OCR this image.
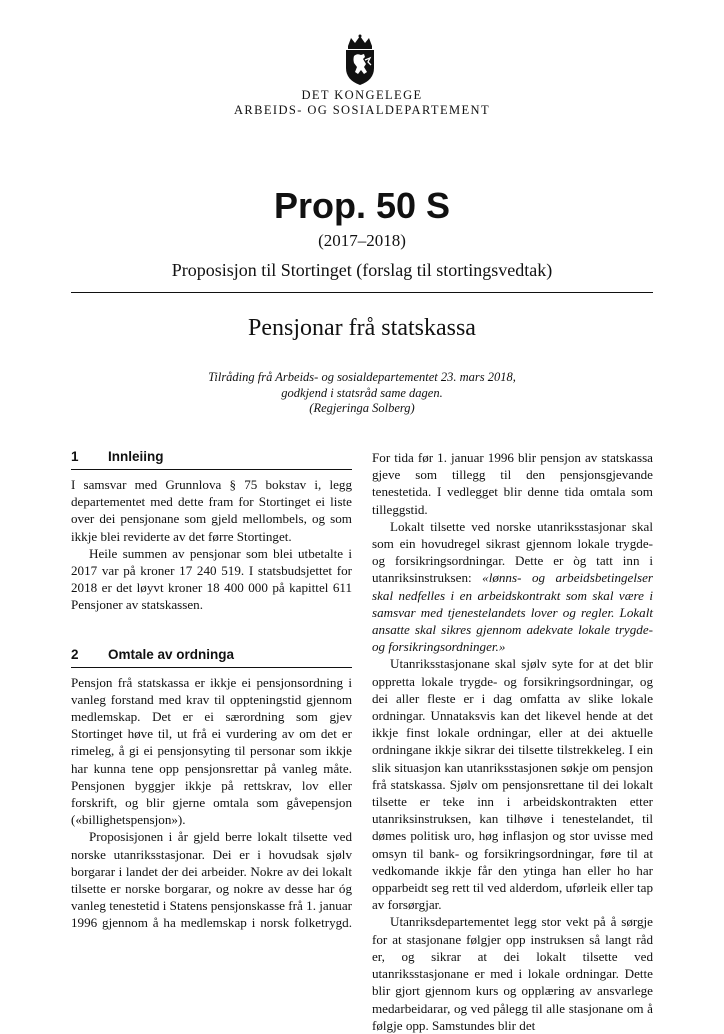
DET KONGELEGE
ARBEIDS- OG SOSIALDEPARTEMENT
Prop. 50 S
(2017–2018)
Proposisjon til Stortinget (forslag til stortingsvedtak)
Pensjonar frå statskassa
Tilråding frå Arbeids- og sosialdepartementet 23. mars 2018,
godkjend i statsråd same dagen.
(Regjeringa Solberg)
1 Innleiing

I samsvar med Grunnlova § 75 bokstav i, legg departementet med dette fram for Stortinget ei liste over dei pensjonane som gjeld mellombels, og som ikkje blei reviderte av det førre Stortinget.

Heile summen av pensjonar som blei utbetalte i 2017 var på kroner 17 240 519. I statsbudsjettet for 2018 er det løyvt kroner 18 400 000 på kapittel 611 Pensjoner av statskassen.

2 Omtale av ordninga

Pensjon frå statskassa er ikkje ei pensjonsordning i vanleg forstand med krav til oppteningstid gjennom medlemskap. Det er ei særordning som gjev Stortinget høve til, ut frå ei vurdering av om det er rimeleg, å gi ei pensjonsyting til personar som ikkje har kunna tene opp pensjonsrettar på vanleg måte. Pensjonen byggjer ikkje på rettskrav, lov eller forskrift, og blir gjerne omtala som gåvepensjon («billighetspensjon»).

Proposisjonen i år gjeld berre lokalt tilsette ved norske utanriksstasjonar. Dei er i hovudsak sjølv borgarar i landet der dei arbeider. Nokre av dei lokalt tilsette er norske borgarar, og nokre av desse har óg vanleg tenestetid i Statens pensjonskasse frå 1. januar 1996 gjennom å ha medlemskap i norsk folketrygd.

For tida før 1. januar 1996 blir pensjon av statskassa gjeve som tillegg til den pensjonsgjevande tenestetida. I vedlegget blir denne tida omtala som tilleggstid.

Lokalt tilsette ved norske utanriksstasjonar skal som ein hovudregel sikrast gjennom lokale trygde- og forsikringsordningar. Dette er òg tatt inn i utanriksinstruksen: «lønns- og arbeidsbetingelser skal nedfelles i en arbeidskontrakt som skal være i samsvar med tjenestelandets lover og regler. Lokalt ansatte skal sikres gjennom adekvate lokale trygde- og forsikringsordninger.»

Utanriksstasjonane skal sjølv syte for at det blir oppretta lokale trygde- og forsikringsordningar, og dei aller fleste er i dag omfatta av slike lokale ordningar. Unnataksvis kan det likevel hende at det ikkje finst lokale ordningar, eller at dei aktuelle ordningane ikkje sikrar dei tilsette tilstrekkeleg. I ein slik situasjon kan utanriksstasjonen søkje om pensjon frå statskassa. Sjølv om pensjonsrettane til dei lokalt tilsette er teke inn i arbeidskontrakten etter utanriksinstruksen, kan tilhøve i tenestelandet, til dømes politisk uro, høg inflasjon og stor uvisse med omsyn til bank- og forsikringsordningar, føre til at vedkomande ikkje får den ytinga han eller ho har opparbeidt seg rett til ved alderdom, uførleik eller tap av forsørgjar.

Utanriksdepartementet legg stor vekt på å sørgje for at stasjonane følgjer opp instruksen så langt råd er, og sikrar at dei lokalt tilsette ved utanriksstasjonane er med i lokale ordningar. Dette blir gjort gjennom kurs og opplæring av ansvarlege medarbeidarar, og ved pålegg til alle stasjonane om å følgje opp. Samstundes blir det
